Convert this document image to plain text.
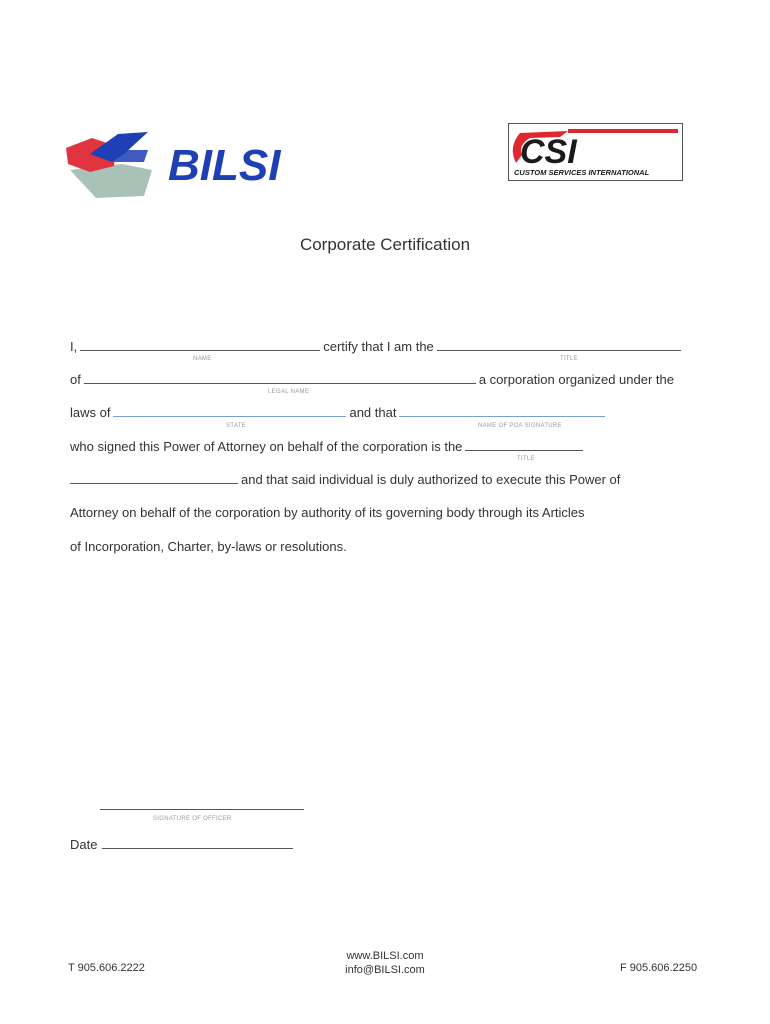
BILSI	CSI
CUSTOM SERVICES INTERNATIONAL
Corporate Certification
I,	certify that I am the
NAME	TITLE
of	a corporation organized under the
LEGAL NAME
laws of	and that
STATE	NAME OF POA SIGNATURE
who signed this Power of Attorney on behalf of the corporation is the
TITLE
and that said individual is duly authorized to execute this Power of
Attorney on behalf of the corporation by authority of its governing body through its Articles
of Incorporation, Charter, by-laws or resolutions.
SIGNATURE OF OFFICER
Date
T 905.606.2222
www.BILSI.com
info@BILSI.com	F 905.606.2250
